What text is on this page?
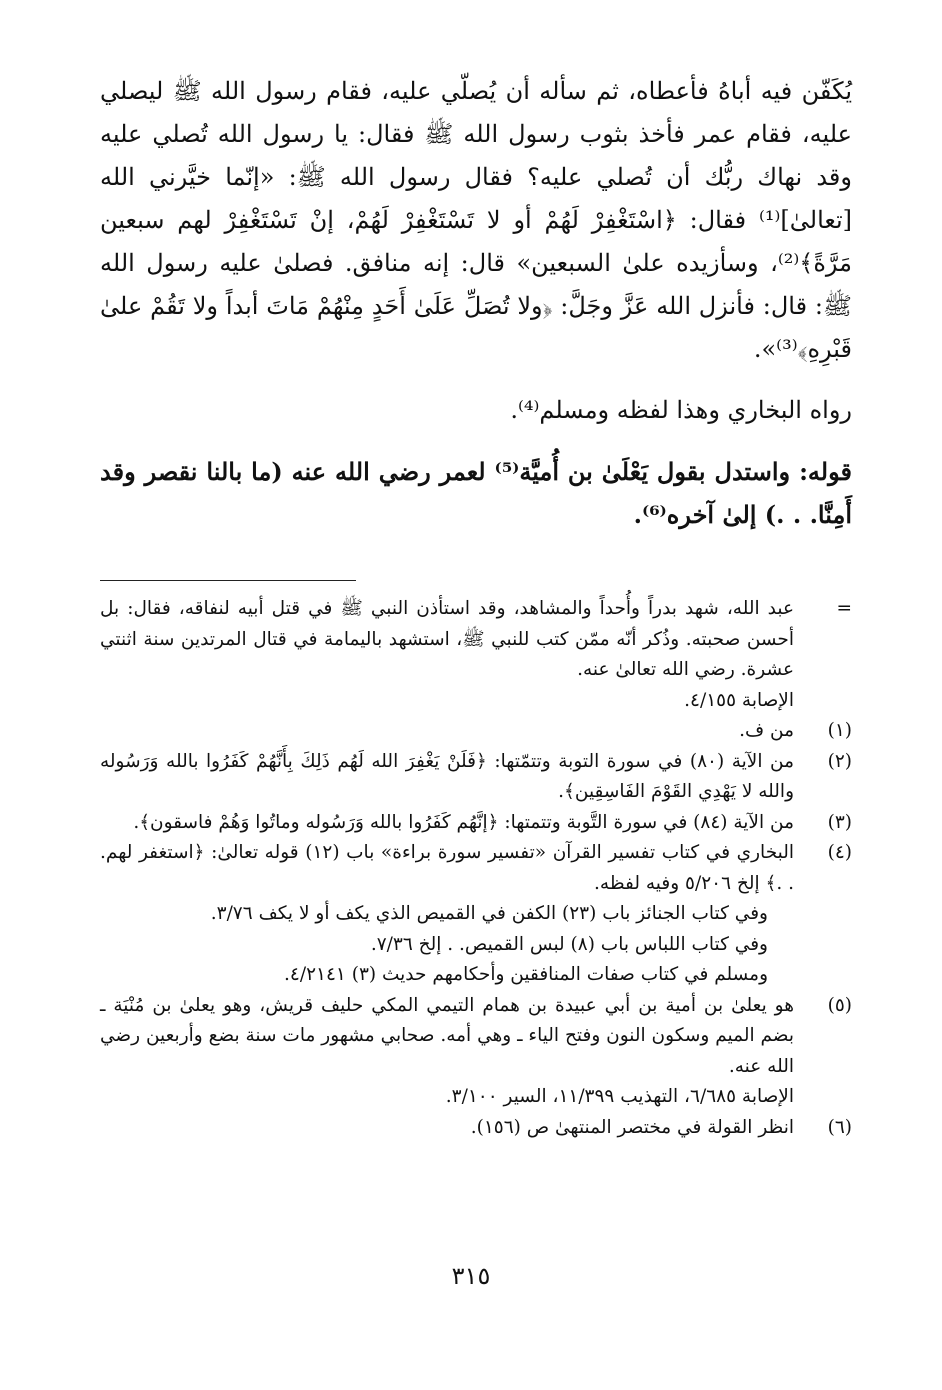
يُكَفّن فيه أباهُ فأعطاه، ثم سأله أن يُصلّي عليه، فقام رسول الله ﷺ ليصلي عليه، فقام عمر فأخذ بثوب رسول الله ﷺ فقال: يا رسول الله تُصلي عليه وقد نهاك ربُّك أن تُصلي عليه؟ فقال رسول الله ﷺ: «إنّما خيَّرني الله [تعالىٰ]⁽¹⁾ فقال: ﴿اسْتَغْفِرْ لَهُمْ أو لا تَسْتَغْفِرْ لَهُمْ، إنْ تَسْتَغْفِرْ لهم سبعين مَرَّةً﴾⁽²⁾، وسأزيده علىٰ السبعين» قال: إنه منافق. فصلىٰ عليه رسول الله ﷺ: قال: فأنزل الله عَزَّ وجَلَّ: ﴿ولا تُصَلِّ عَلَىٰ أَحَدٍ مِنْهُمْ مَاتَ أبداً ولا تَقُمْ علىٰ قَبْرِهِ﴾⁽³⁾».

رواه البخاري وهذا لفظه ومسلم⁽⁴⁾.

قوله: واستدل بقول يَعْلَىٰ بن أُميَّة⁽⁵⁾ لعمر رضي الله عنه (ما بالنا نقصر وقد أَمِنَّا. . .) إلىٰ آخره⁽⁶⁾.

=
عبد الله، شهد بدراً وأُحداً والمشاهد، وقد استأذن النبي ﷺ في قتل أبيه لنفاقه، فقال: بل أحسن صحبته. وذُكر أنّه ممّن كتب للنبي ﷺ، استشهد باليمامة في قتال المرتدين سنة اثنتي عشرة. رضي الله تعالىٰ عنه.
الإصابة ٤/١٥٥.
(١)
من ف.
(٢)
من الآية (٨٠) في سورة التوبة وتتمّتها: ﴿فَلَنْ يَغْفِرَ الله لَهُم ذَلِكَ بِأَنَّهُمْ كَفَرُوا بالله وَرَسُوله والله لا يَهْدِي القَوْمَ الفَاسِقِين﴾.
(٣)
من الآية (٨٤) في سورة التَّوبة وتتمتها: ﴿إنَّهُم كَفَرُوا بالله وَرَسُوله وماتُوا وَهُمْ فاسقون﴾.
(٤)
البخاري في كتاب تفسير القرآن «تفسير سورة براءة» باب (١٢) قوله تعالىٰ: ﴿استغفر لهم. . .﴾ إلخ ٥/٢٠٦ وفيه لفظه.
وفي كتاب الجنائز باب (٢٣) الكفن في القميص الذي يكف أو لا يكف ٣/٧٦.
وفي كتاب اللباس باب (٨) لبس القميص. . إلخ ٧/٣٦.
ومسلم في كتاب صفات المنافقين وأحكامهم حديث (٣) ٤/٢١٤١.
(٥)
هو يعلىٰ بن أمية بن أبي عبيدة بن همام التيمي المكي حليف قريش، وهو يعلىٰ بن مُنْيَة ـ بضم الميم وسكون النون وفتح الياء ـ وهي أمه. صحابي مشهور مات سنة بضع وأربعين رضي الله عنه.
الإصابة ٦/٦٨٥، التهذيب ١١/٣٩٩، السير ٣/١٠٠.
(٦)
انظر القولة في مختصر المنتهىٰ ص (١٥٦).
٣١٥
